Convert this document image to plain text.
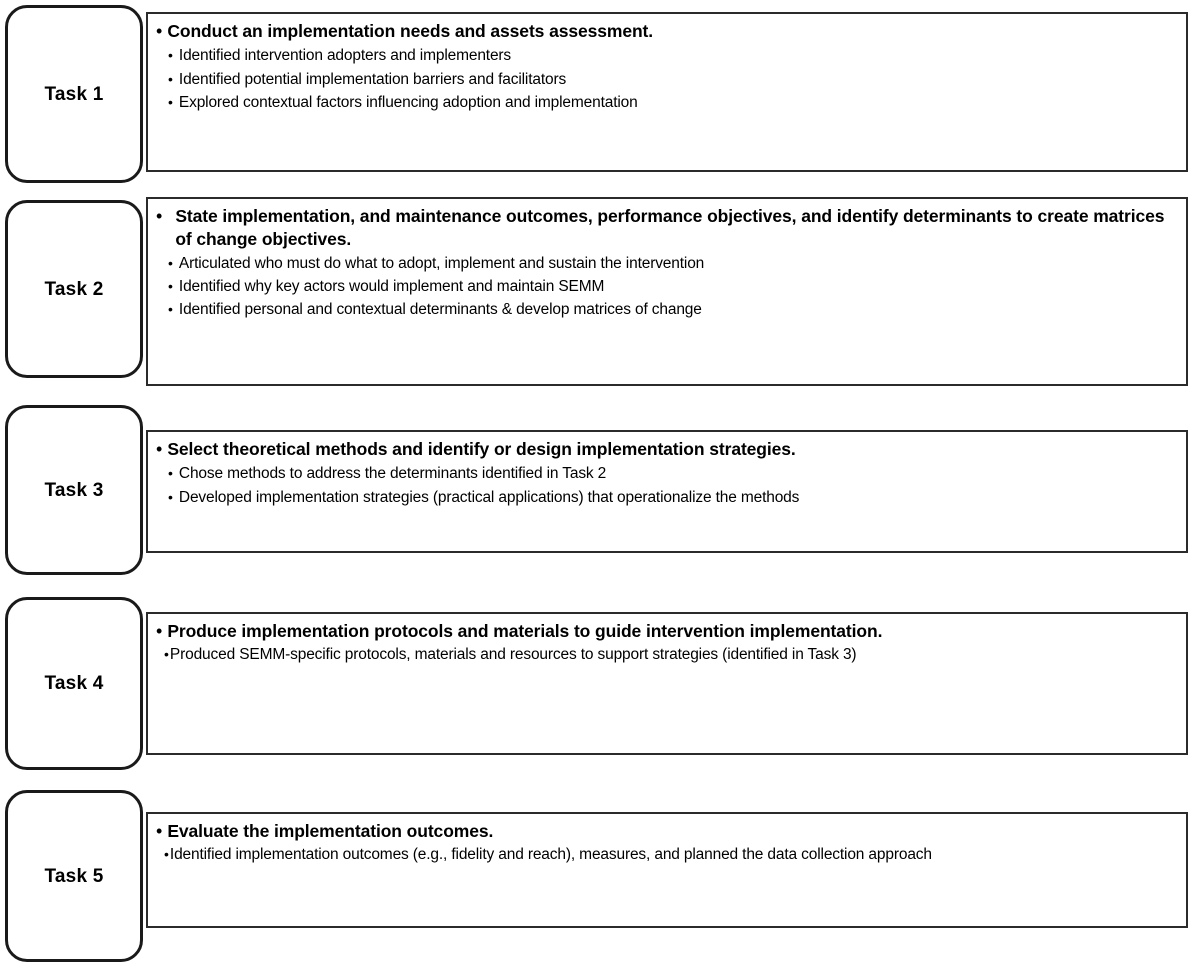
Task 1
• Conduct an implementation needs and assets assessment.
• Identified intervention adopters and implementers
• Identified potential implementation barriers and facilitators
• Explored contextual factors influencing adoption and implementation
Task 2
• State implementation, and maintenance outcomes, performance objectives, and identify determinants to create matrices of change objectives.
• Articulated who must do what to adopt, implement and sustain the intervention
• Identified why key actors would implement and maintain SEMM
• Identified personal and contextual determinants & develop matrices of change
Task 3
• Select theoretical methods and identify or design implementation strategies.
• Chose methods to address the determinants identified in Task 2
• Developed implementation strategies (practical applications) that operationalize the methods
Task 4
• Produce implementation protocols and materials to guide intervention implementation.
• Produced SEMM-specific protocols, materials and resources to support strategies (identified in Task 3)
Task 5
• Evaluate the implementation outcomes.
• Identified implementation outcomes (e.g., fidelity and reach), measures, and planned the data collection approach
